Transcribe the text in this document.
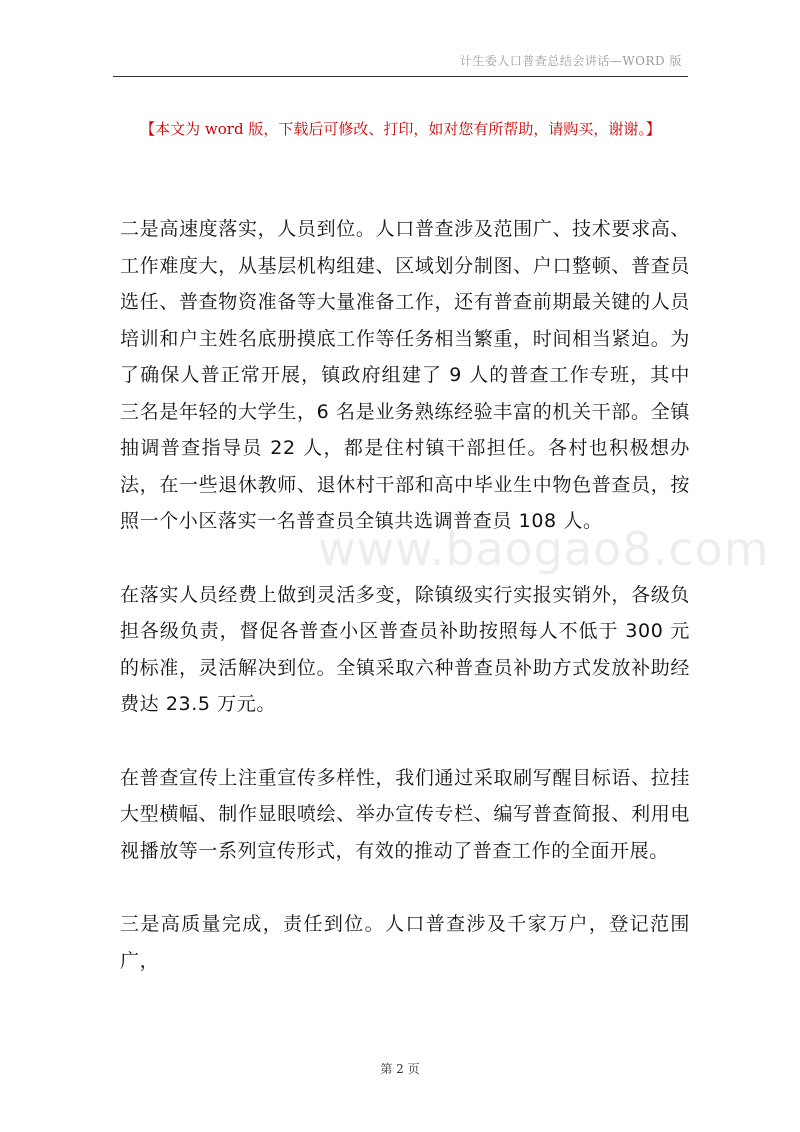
计生委人口普查总结会讲话—WORD 版
【本文为 word 版，下载后可修改、打印，如对您有所帮助，请购买，谢谢。】
www.baogao8.com

二是高速度落实，人员到位。人口普查涉及范围广、技术要求高、工作难度大，从基层机构组建、区域划分制图、户口整顿、普查员选任、普查物资准备等大量准备工作，还有普查前期最关键的人员培训和户主姓名底册摸底工作等任务相当繁重，时间相当紧迫。为了确保人普正常开展，镇政府组建了 9 人的普查工作专班，其中三名是年轻的大学生，6 名是业务熟练经验丰富的机关干部。全镇抽调普查指导员 22 人，都是住村镇干部担任。各村也积极想办法，在一些退休教师、退休村干部和高中毕业生中物色普查员，按照一个小区落实一名普查员全镇共选调普查员 108 人。

在落实人员经费上做到灵活多变，除镇级实行实报实销外，各级负担各级负责，督促各普查小区普查员补助按照每人不低于 300 元的标准，灵活解决到位。全镇采取六种普查员补助方式发放补助经费达 23.5 万元。

在普查宣传上注重宣传多样性，我们通过采取刷写醒目标语、拉挂大型横幅、制作显眼喷绘、举办宣传专栏、编写普查简报、利用电视播放等一系列宣传形式，有效的推动了普查工作的全面开展。

三是高质量完成，责任到位。人口普查涉及千家万户，登记范围广，

第 2 页
